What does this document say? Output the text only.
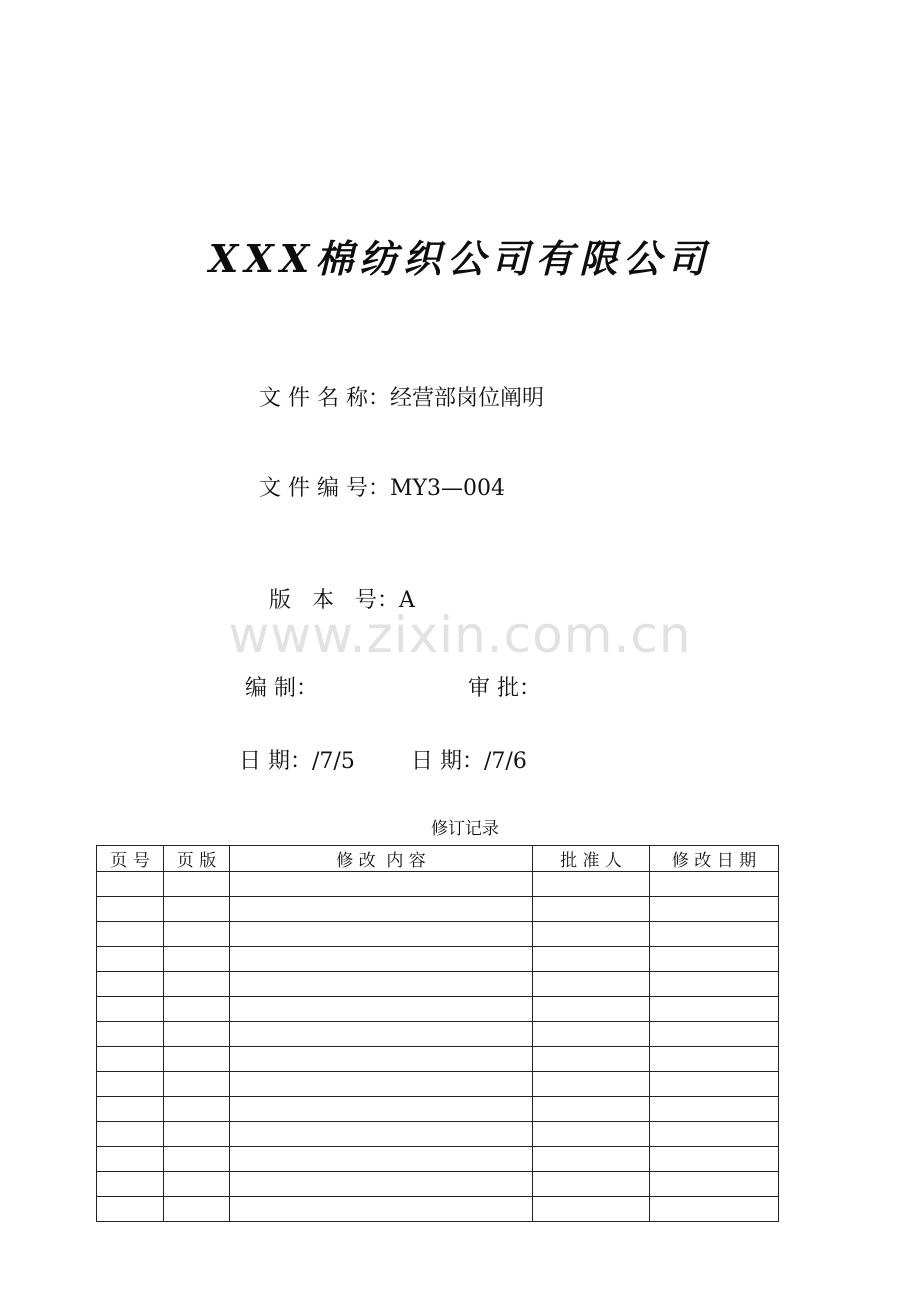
XXX棉纺织公司有限公司

文 件 名 称：经营部岗位阐明

文 件 编 号：MY3—004

版   本   号：A

www.zixin.com.cn
编 制：	审 批：

日 期：/7/5	日 期：/7/6

修订记录
页 号	页 版	修 改  内 容	批 准 人	修 改 日 期
